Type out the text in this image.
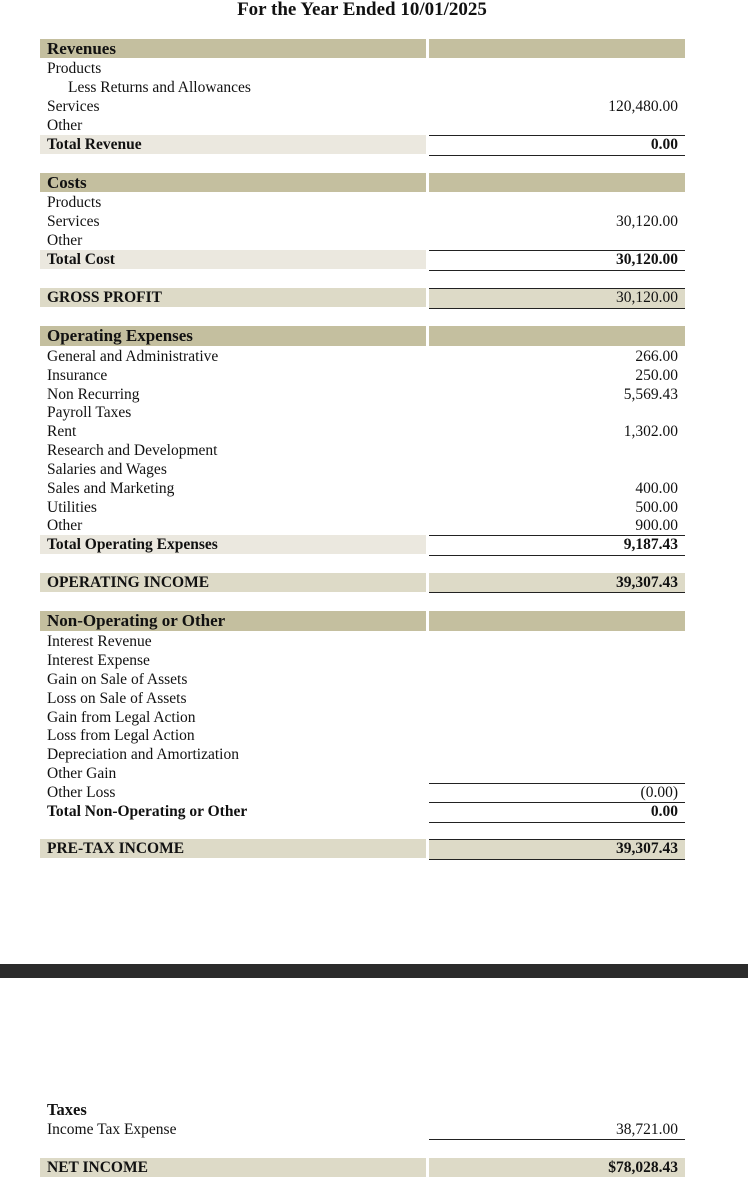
For the Year Ended 10/01/2025
Revenues
Products
Less Returns and Allowances
Services	120,480.00
Other
Total Revenue	0.00
Costs
Products
Services	30,120.00
Other
Total Cost	30,120.00
GROSS PROFIT	30,120.00
Operating Expenses
General and Administrative	266.00
Insurance	250.00
Non Recurring	5,569.43
Payroll Taxes
Rent	1,302.00
Research and Development
Salaries and Wages
Sales and Marketing	400.00
Utilities	500.00
Other	900.00
Total Operating Expenses	9,187.43
OPERATING INCOME	39,307.43
Non-Operating or Other
Interest Revenue
Interest Expense
Gain on Sale of Assets
Loss on Sale of Assets
Gain from Legal Action
Loss from Legal Action
Depreciation and Amortization
Other Gain
Other Loss	(0.00)
Total Non-Operating or Other	0.00
PRE-TAX INCOME	39,307.43
Taxes
Income Tax Expense	38,721.00
NET INCOME	$78,028.43
